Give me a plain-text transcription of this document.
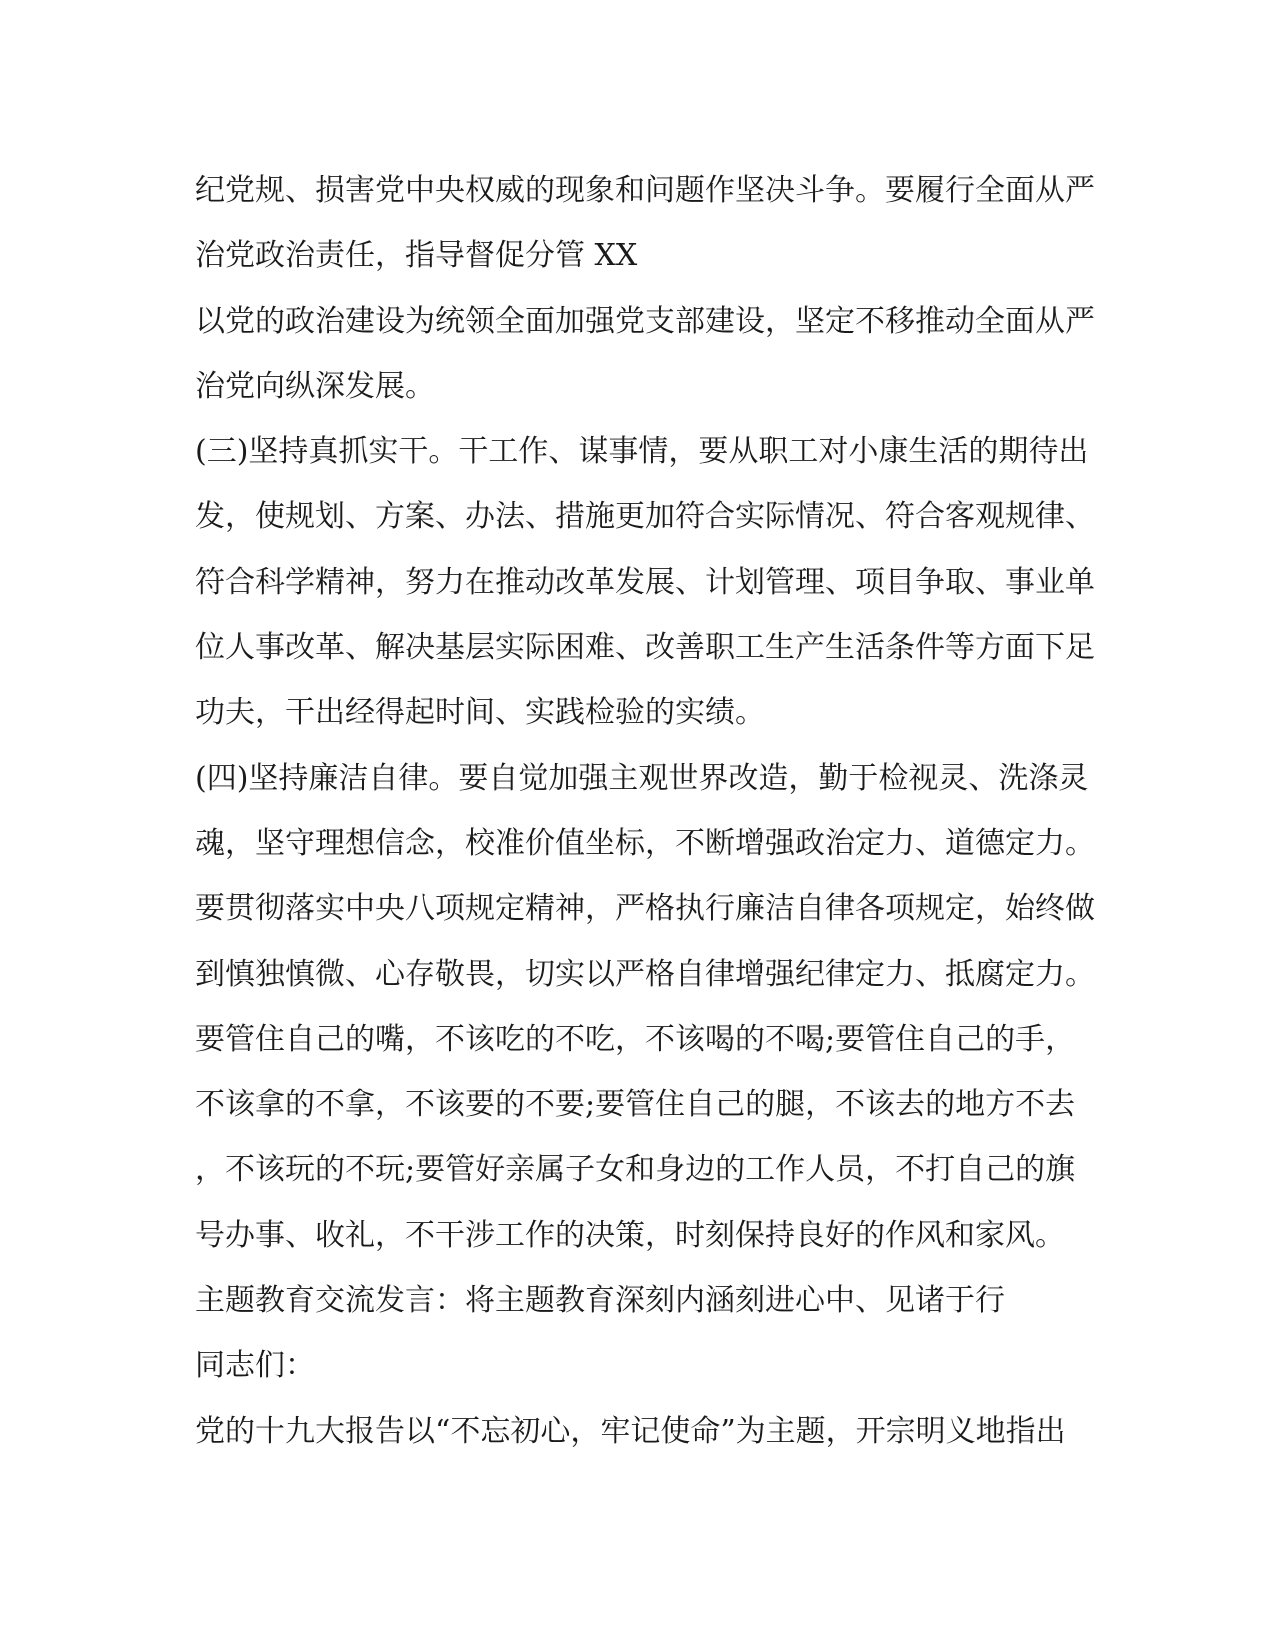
纪党规、损害党中央权威的现象和问题作坚决斗争。要履行全面从严
治党政治责任，指导督促分管 XX
以党的政治建设为统领全面加强党支部建设，坚定不移推动全面从严
治党向纵深发展。
(三)坚持真抓实干。干工作、谋事情，要从职工对小康生活的期待出
发，使规划、方案、办法、措施更加符合实际情况、符合客观规律、
符合科学精神，努力在推动改革发展、计划管理、项目争取、事业单
位人事改革、解决基层实际困难、改善职工生产生活条件等方面下足
功夫，干出经得起时间、实践检验的实绩。
(四)坚持廉洁自律。要自觉加强主观世界改造，勤于检视灵、洗涤灵
魂，坚守理想信念，校准价值坐标，不断增强政治定力、道德定力。
要贯彻落实中央八项规定精神，严格执行廉洁自律各项规定，始终做
到慎独慎微、心存敬畏，切实以严格自律增强纪律定力、抵腐定力。
要管住自己的嘴，不该吃的不吃，不该喝的不喝;要管住自己的手，
不该拿的不拿，不该要的不要;要管住自己的腿，不该去的地方不去
，不该玩的不玩;要管好亲属子女和身边的工作人员，不打自己的旗
号办事、收礼，不干涉工作的决策，时刻保持良好的作风和家风。
主题教育交流发言：将主题教育深刻内涵刻进心中、见诸于行
同志们：
党的十九大报告以“不忘初心，牢记使命”为主题，开宗明义地指出
